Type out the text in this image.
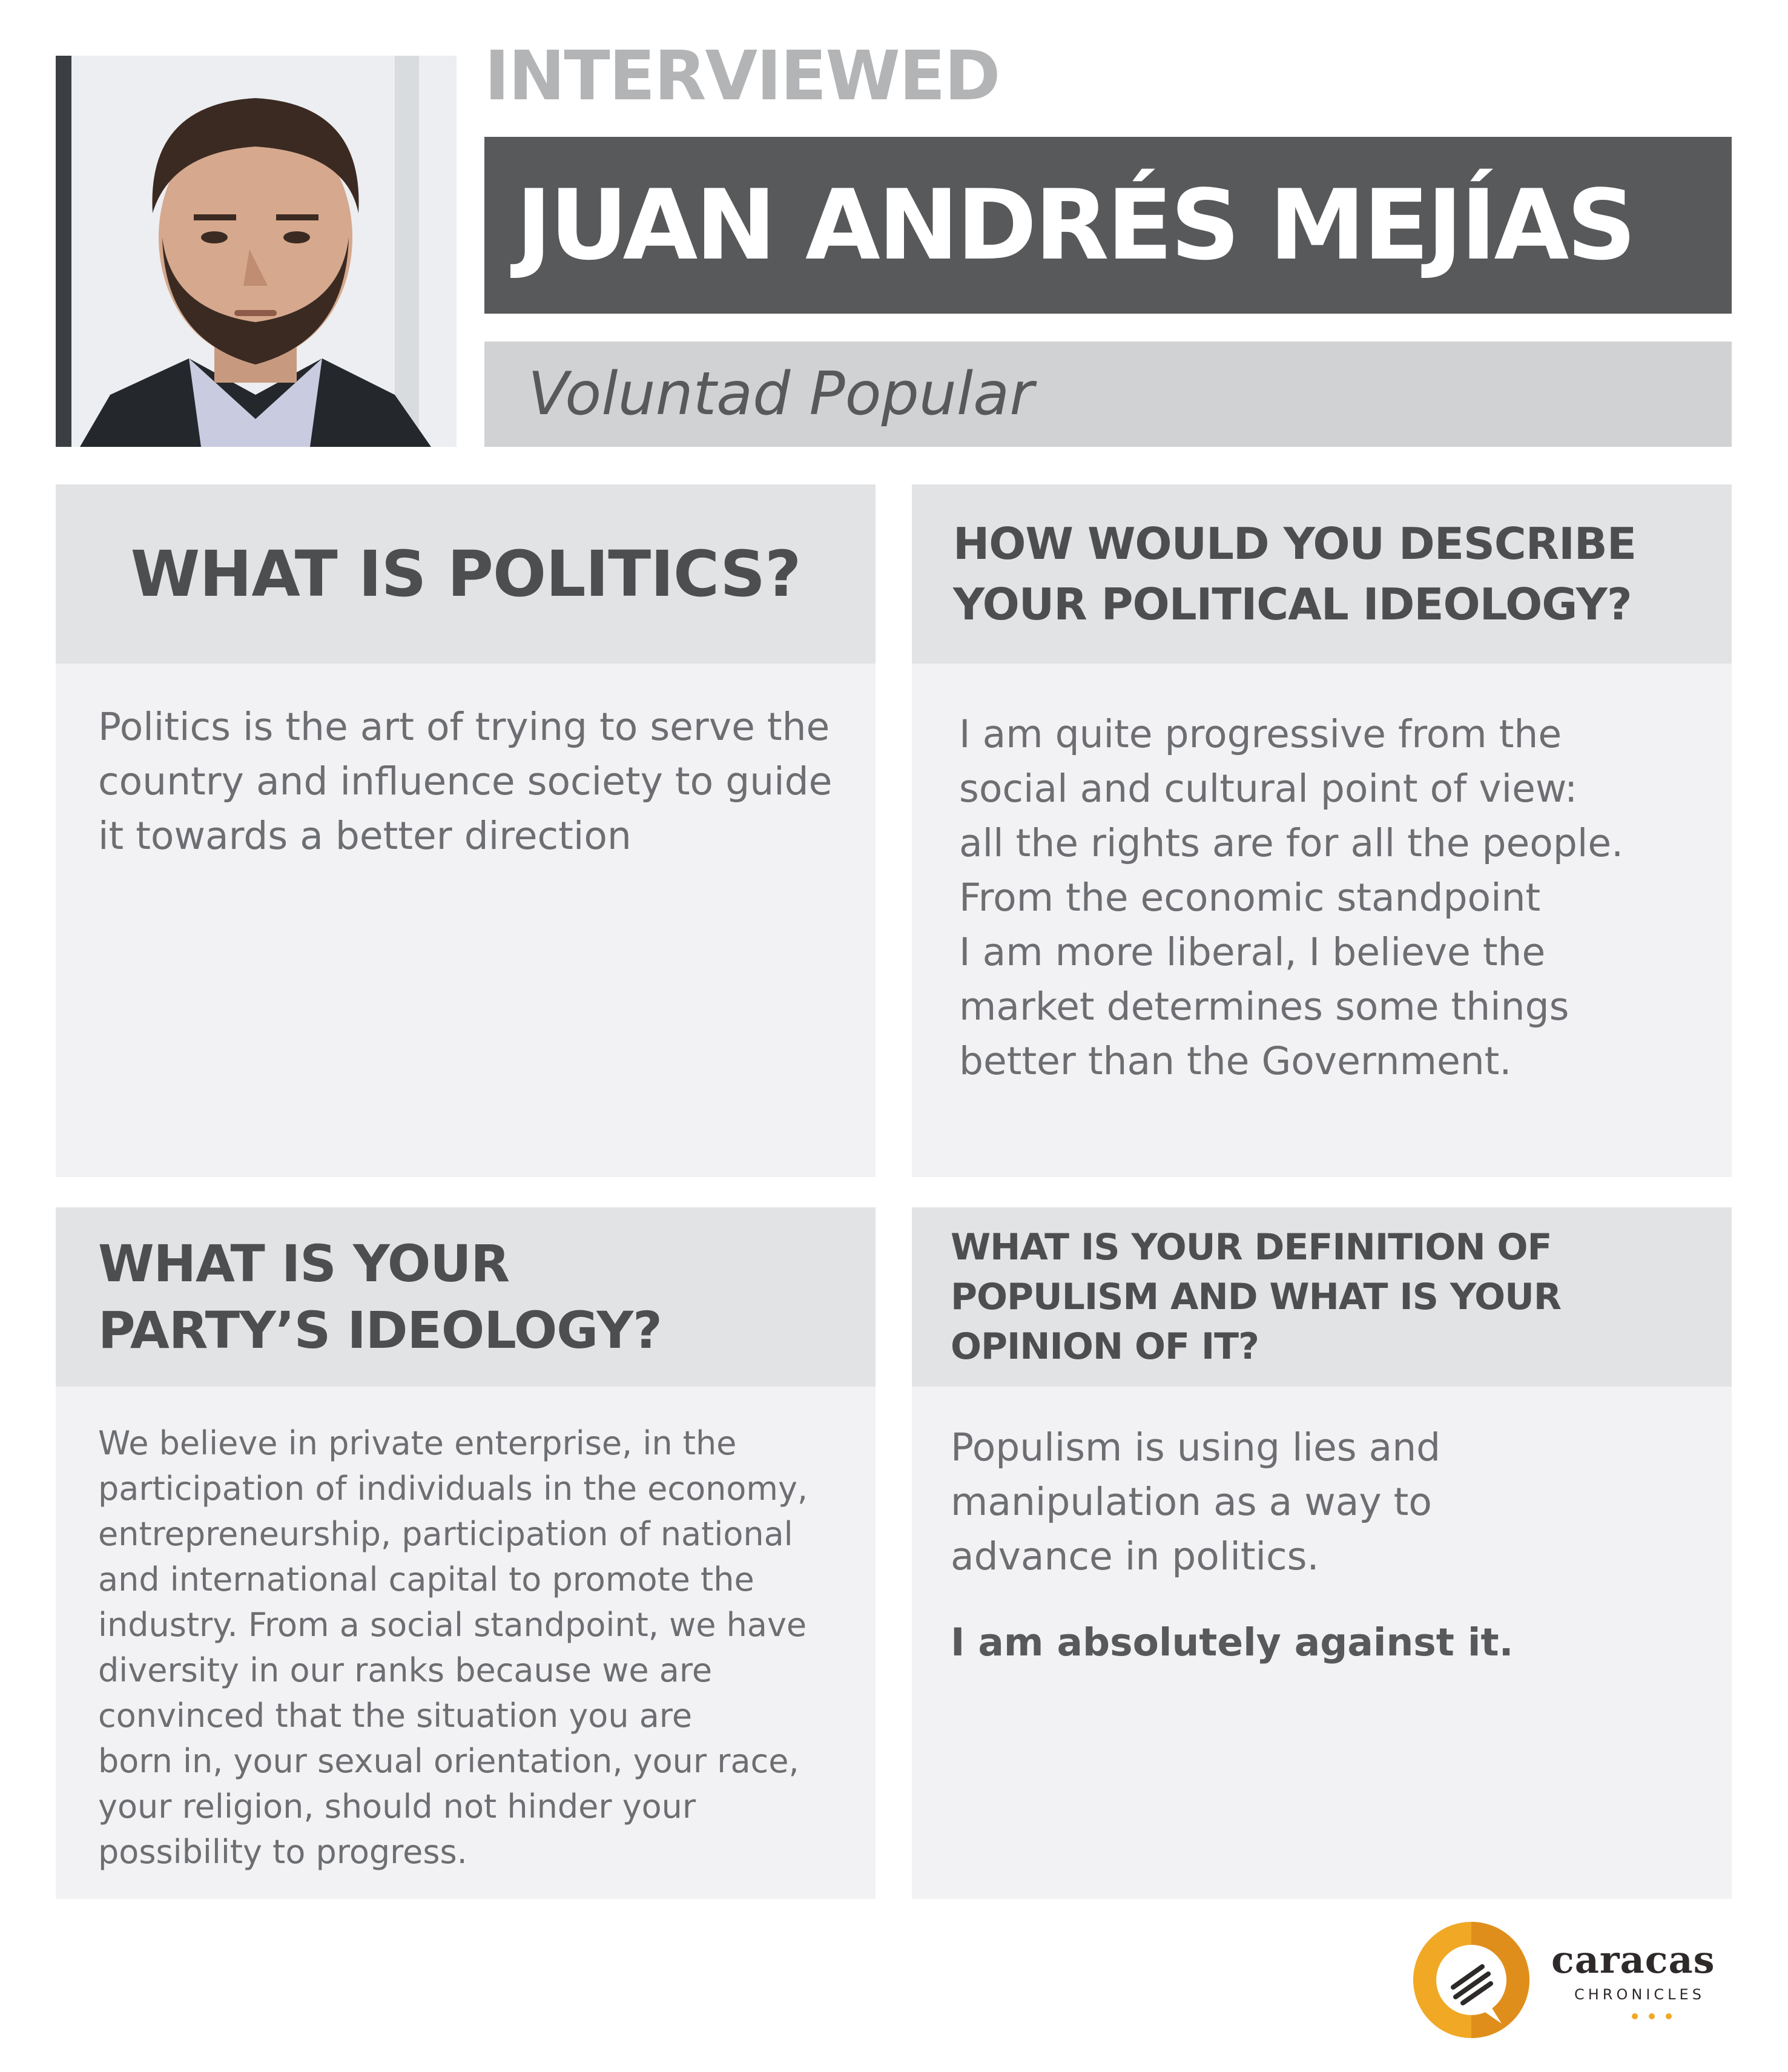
INTERVIEWED
JUAN ANDRÉS MEJÍAS
Voluntad Popular
WHAT IS POLITICS?

Politics is the art of trying to serve the country and influence society to guide it towards a better direction

HOW WOULD YOU DESCRIBE
YOUR POLITICAL IDEOLOGY?

I am quite progressive from the
social and cultural point of view:
all the rights are for all the people.
From the economic standpoint
I am more liberal, I believe the
market determines some things
better than the Government.

WHAT IS YOUR
PARTY’S IDEOLOGY?

We believe in private enterprise, in the
participation of individuals in the economy,
entrepreneurship, participation of national
and international capital to promote the
industry. From a social standpoint, we have
diversity in our ranks because we are
convinced that the situation you are
born in, your sexual orientation, your race,
your religion, should not hinder your
possibility to progress.

WHAT IS YOUR DEFINITION OF
POPULISM AND WHAT IS YOUR
OPINION OF IT?

Populism is using lies and
manipulation as a way to
advance in politics.

I am absolutely against it.

caracas
CHRONICLES
